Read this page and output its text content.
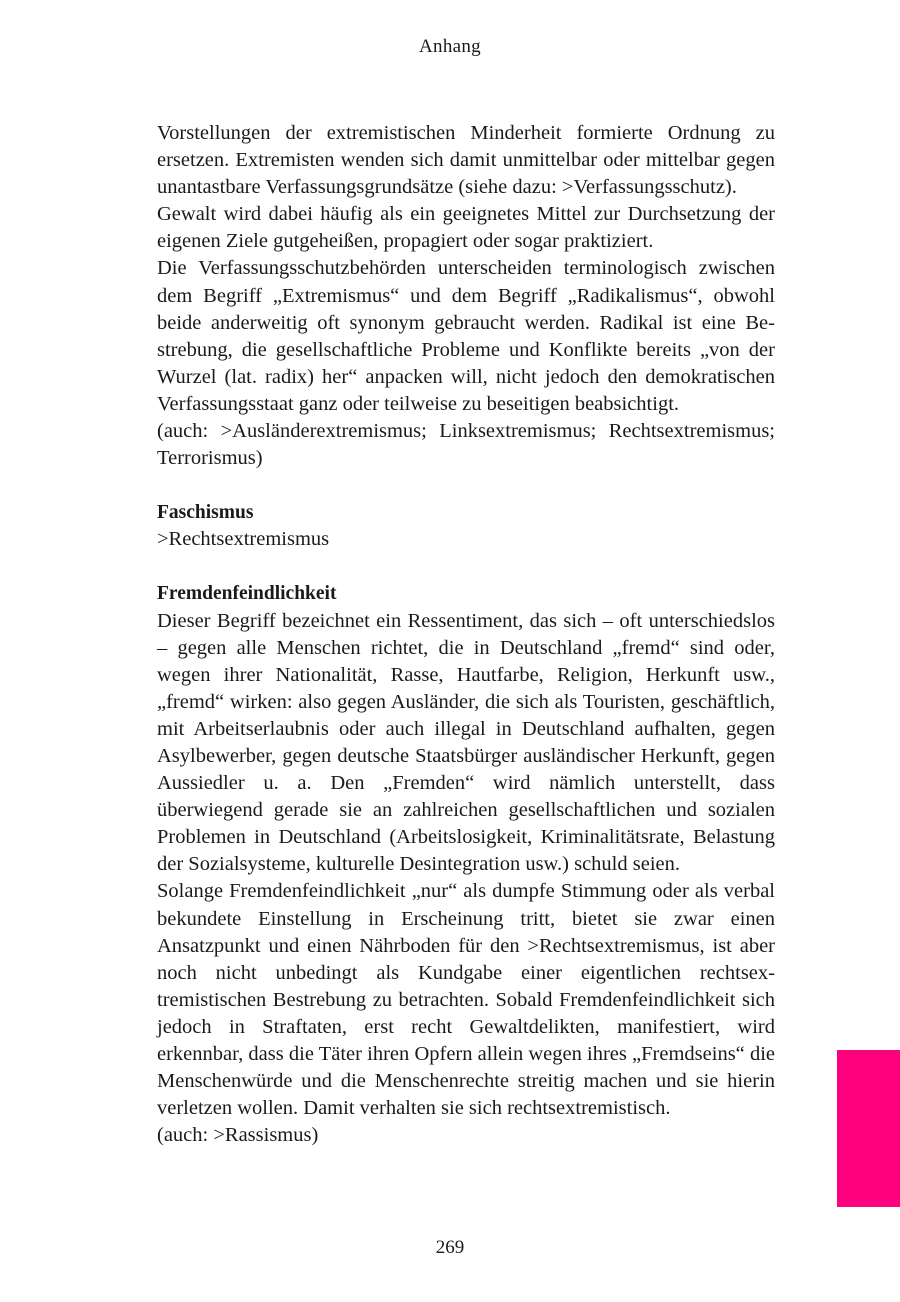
Anhang

Vorstellungen der extremistischen Minderheit formierte Ordnung zu ersetzen. Extremisten wenden sich damit unmittelbar oder mittelbar gegen unantastbare Verfassungsgrundsätze (siehe dazu: >Verfassungsschutz).

Gewalt wird dabei häufig als ein geeignetes Mittel zur Durchsetzung der eigenen Ziele gutgeheißen, propagiert oder sogar praktiziert.

Die Verfassungsschutzbehörden unterscheiden terminologisch zwischen dem Begriff „Extremismus“ und dem Begriff „Radikalismus“, obwohl beide anderweitig oft synonym gebraucht werden. Radikal ist eine Bestrebung, die gesellschaftliche Probleme und Konflikte bereits „von der Wurzel (lat. radix) her“ anpacken will, nicht jedoch den demokratischen Verfassungsstaat ganz oder teilweise zu beseitigen beabsichtigt.

(auch: >Ausländerextremismus; Linksextremismus; Rechtsextremismus; Terrorismus)

Faschismus

>Rechtsextremismus

Fremdenfeindlichkeit

Dieser Begriff bezeichnet ein Ressentiment, das sich – oft unterschiedslos – gegen alle Menschen richtet, die in Deutschland „fremd“ sind oder, wegen ihrer Nationalität, Rasse, Hautfarbe, Religion, Herkunft usw., „fremd“ wirken: also gegen Ausländer, die sich als Touristen, geschäftlich, mit Arbeitserlaubnis oder auch illegal in Deutschland aufhalten, gegen Asylbewerber, gegen deutsche Staatsbürger ausländischer Herkunft, gegen Aussiedler u. a. Den „Fremden“ wird nämlich unterstellt, dass überwiegend gerade sie an zahlreichen gesellschaftlichen und sozialen Problemen in Deutschland (Arbeitslosigkeit, Kriminalitätsrate, Belastung der Sozialsysteme, kulturelle Desintegration usw.) schuld seien.

Solange Fremdenfeindlichkeit „nur“ als dumpfe Stimmung oder als verbal bekundete Einstellung in Erscheinung tritt, bietet sie zwar einen Ansatzpunkt und einen Nährboden für den >Rechtsextremismus, ist aber noch nicht unbedingt als Kundgabe einer eigentlichen rechtsextremistischen Bestrebung zu betrachten. Sobald Fremdenfeindlichkeit sich jedoch in Straftaten, erst recht Gewaltdelikten, manifestiert, wird erkennbar, dass die Täter ihren Opfern allein wegen ihres „Fremdseins“ die Menschenwürde und die Menschenrechte streitig machen und sie hierin verletzen wollen. Damit verhalten sie sich rechtsextremistisch.

(auch: >Rassismus)

269
